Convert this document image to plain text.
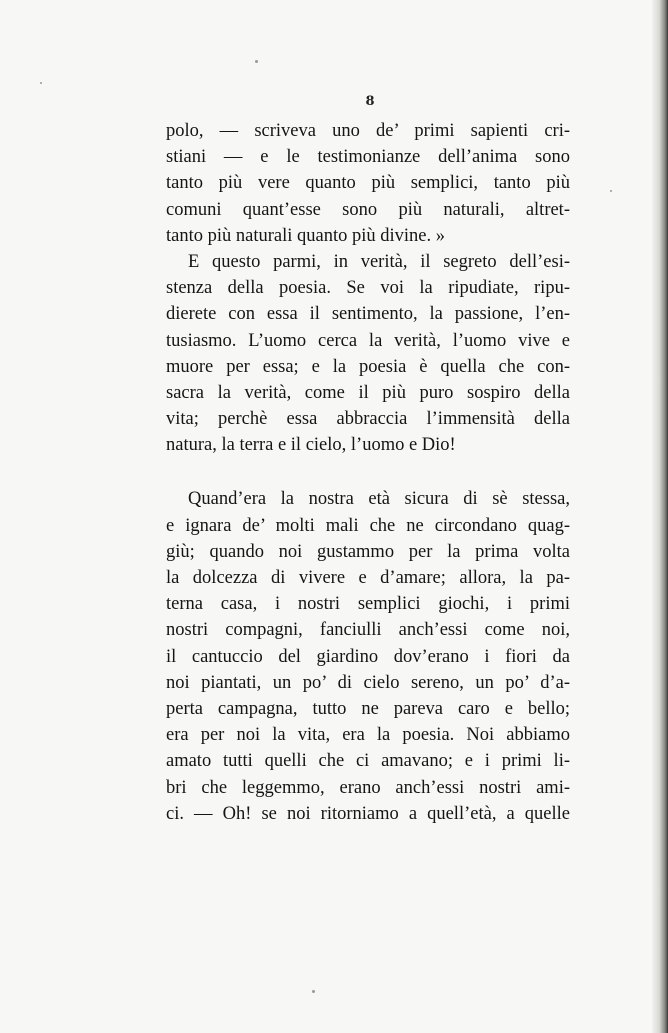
8
polo, — scriveva uno de’ primi sapienti cri-
stiani — e le testimonianze dell’anima sono
tanto più vere quanto più semplici, tanto più
comuni quant’esse sono più naturali, altret-
tanto più naturali quanto più divine. »
E questo parmi, in verità, il segreto dell’esi-
stenza della poesia. Se voi la ripudiate, ripu-
dierete con essa il sentimento, la passione, l’en-
tusiasmo. L’uomo cerca la verità, l’uomo vive e
muore per essa; e la poesia è quella che con-
sacra la verità, come il più puro sospiro della
vita; perchè essa abbraccia l’immensità della
natura, la terra e il cielo, l’uomo e Dio!
Quand’era la nostra età sicura di sè stessa,
e ignara de’ molti mali che ne circondano quag-
giù; quando noi gustammo per la prima volta
la dolcezza di vivere e d’amare; allora, la pa-
terna casa, i nostri semplici giochi, i primi
nostri compagni, fanciulli anch’essi come noi,
il cantuccio del giardino dov’erano i fiori da
noi piantati, un po’ di cielo sereno, un po’ d’a-
perta campagna, tutto ne pareva caro e bello;
era per noi la vita, era la poesia. Noi abbiamo
amato tutti quelli che ci amavano; e i primi li-
bri che leggemmo, erano anch’essi nostri ami-
ci. — Oh! se noi ritorniamo a quell’età, a quelle
